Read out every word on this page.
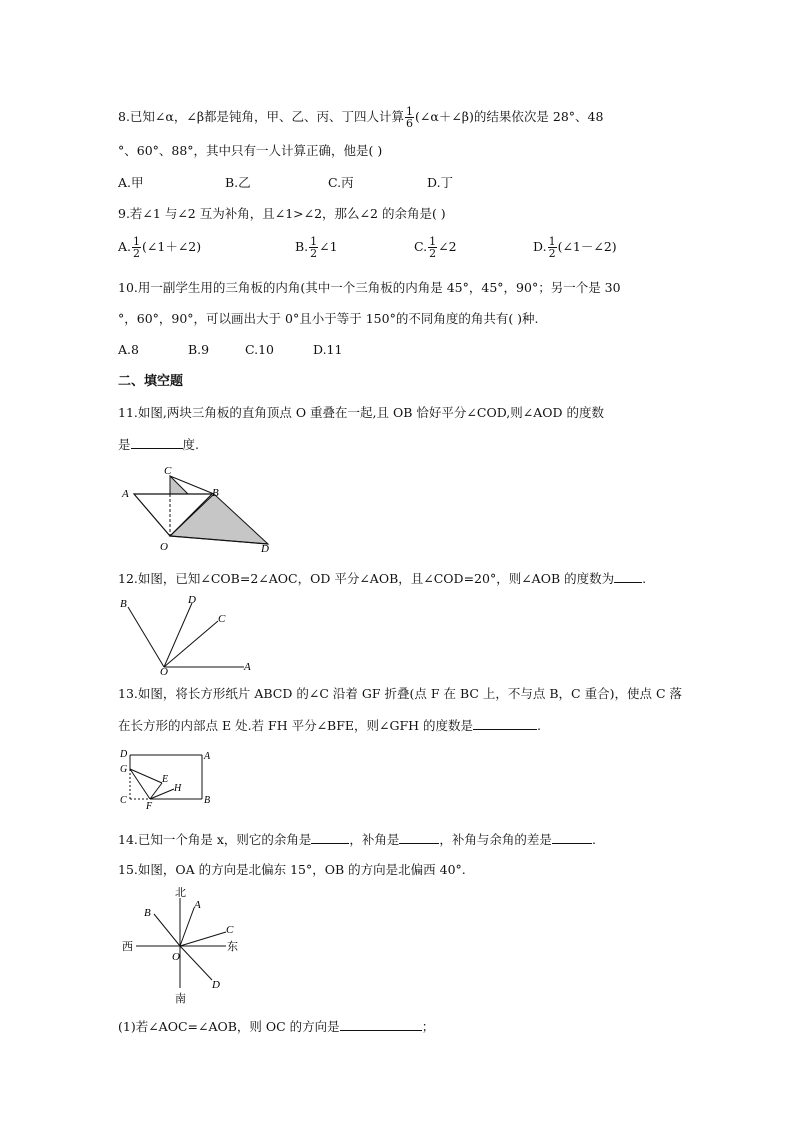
8.已知∠α，∠β都是钝角，甲、乙、丙、丁四人计算 $\frac{1}{6}$ (∠α＋∠β)的结果依次是 28°、48
°、60°、88°，其中只有一人计算正确，他是( )
A.甲	B.乙	C.丙	D.丁
9.若∠1 与∠2 互为补角，且∠1>∠2，那么∠2 的余角是( )
A. $\frac{1}{2}$ (∠1＋∠2)	B. $\frac{1}{2}$ ∠1	C. $\frac{1}{2}$ ∠2	D. $\frac{1}{2}$ (∠1－∠2)
10.用一副学生用的三角板的内角(其中一个三角板的内角是 45°，45°，90°；另一个是 30
°，60°，90°，可以画出大于 0°且小于等于 150°的不同角度的角共有( )种.
A.8	B.9	C.10	D.11
二、填空题
11.如图,两块三角板的直角顶点 O 重叠在一起,且 OB 恰好平分∠COD,则∠AOD 的度数
是	度.
C
A	B
O	D
12.如图，已知∠COB=2∠AOC，OD 平分∠AOB，且∠COD=20°，则∠AOB 的度数为 .
B	D
C
O	A
13.如图，将长方形纸片 ABCD 的∠C 沿着 GF 折叠(点 F 在 BC 上，不与点 B，C 重合)，使点 C 落
在长方形的内部点 E 处.若 FH 平分∠BFE，则∠GFH 的度数是	.
D	A
G
E
H
C
F
B
14.已知一个角是 x，则它的余角是	，补角是	，补角与余角的差是	.
15.如图，OA 的方向是北偏东 15°，OB 的方向是北偏西 40°.
北
南
西	东
A
B
C
D
O
(1)若∠AOC=∠AOB，则 OC 的方向是	；
